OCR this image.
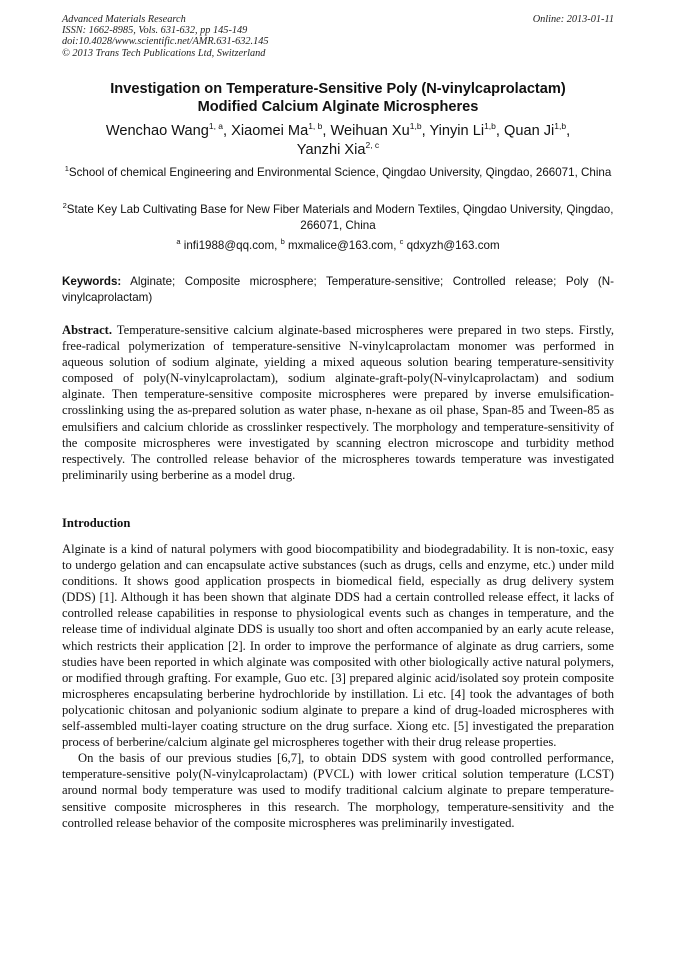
Advanced Materials Research
ISSN: 1662-8985, Vols. 631-632, pp 145-149
doi:10.4028/www.scientific.net/AMR.631-632.145
© 2013 Trans Tech Publications Ltd, Switzerland
Online: 2013-01-11
Investigation on Temperature-Sensitive Poly (N-vinylcaprolactam)
Modified Calcium Alginate Microspheres
Wenchao Wang$^{1, a}$, Xiaomei Ma$^{1, b}$, Weihuan Xu$^{1,b}$, Yinyin Li$^{1,b}$, Quan Ji$^{1,b}$,
Yanzhi Xia$^{2, c}$
$^1$School of chemical Engineering and Environmental Science, Qingdao University, Qingdao, 266071, China
$^2$State Key Lab Cultivating Base for New Fiber Materials and Modern Textiles, Qingdao University, Qingdao, 266071, China
$^a$ infi1988@qq.com, $^b$ mxmalice@163.com, $^c$ qdxyzh@163.com
Keywords: Alginate; Composite microsphere; Temperature-sensitive; Controlled release; Poly (N-vinylcaprolactam)
Abstract. Temperature-sensitive calcium alginate-based microspheres were prepared in two steps. Firstly, free-radical polymerization of temperature-sensitive N-vinylcaprolactam monomer was performed in aqueous solution of sodium alginate, yielding a mixed aqueous solution bearing temperature-sensitivity composed of poly(N-vinylcaprolactam), sodium alginate-graft-poly(N-vinylcaprolactam) and sodium alginate. Then temperature-sensitive composite microspheres were prepared by inverse emulsification-crosslinking using the as-prepared solution as water phase, n-hexane as oil phase, Span-85 and Tween-85 as emulsifiers and calcium chloride as crosslinker respectively. The morphology and temperature-sensitivity of the composite microspheres were investigated by scanning electron microscope and turbidity method respectively. The controlled release behavior of the microspheres towards temperature was investigated preliminarily using berberine as a model drug.
Introduction

Alginate is a kind of natural polymers with good biocompatibility and biodegradability. It is non-toxic, easy to undergo gelation and can encapsulate active substances (such as drugs, cells and enzyme, etc.) under mild conditions. It shows good application prospects in biomedical field, especially as drug delivery system (DDS) [1]. Although it has been shown that alginate DDS had a certain controlled release effect, it lacks of controlled release capabilities in response to physiological events such as changes in temperature, and the release time of individual alginate DDS is usually too short and often accompanied by an early acute release, which restricts their application [2]. In order to improve the performance of alginate as drug carriers, some studies have been reported in which alginate was composited with other biologically active natural polymers, or modified through grafting. For example, Guo etc. [3] prepared alginic acid/isolated soy protein composite microspheres encapsulating berberine hydrochloride by instillation. Li etc. [4] took the advantages of both polycationic chitosan and polyanionic sodium alginate to prepare a kind of drug-loaded microspheres with self-assembled multi-layer coating structure on the drug surface. Xiong etc. [5] investigated the preparation process of berberine/calcium alginate gel microspheres together with their drug release properties.

On the basis of our previous studies [6,7], to obtain DDS system with good controlled performance, temperature-sensitive poly(N-vinylcaprolactam) (PVCL) with lower critical solution temperature (LCST) around normal body temperature was used to modify traditional calcium alginate to prepare temperature-sensitive composite microspheres in this research. The morphology, temperature-sensitivity and the controlled release behavior of the composite microspheres was preliminarily investigated.
